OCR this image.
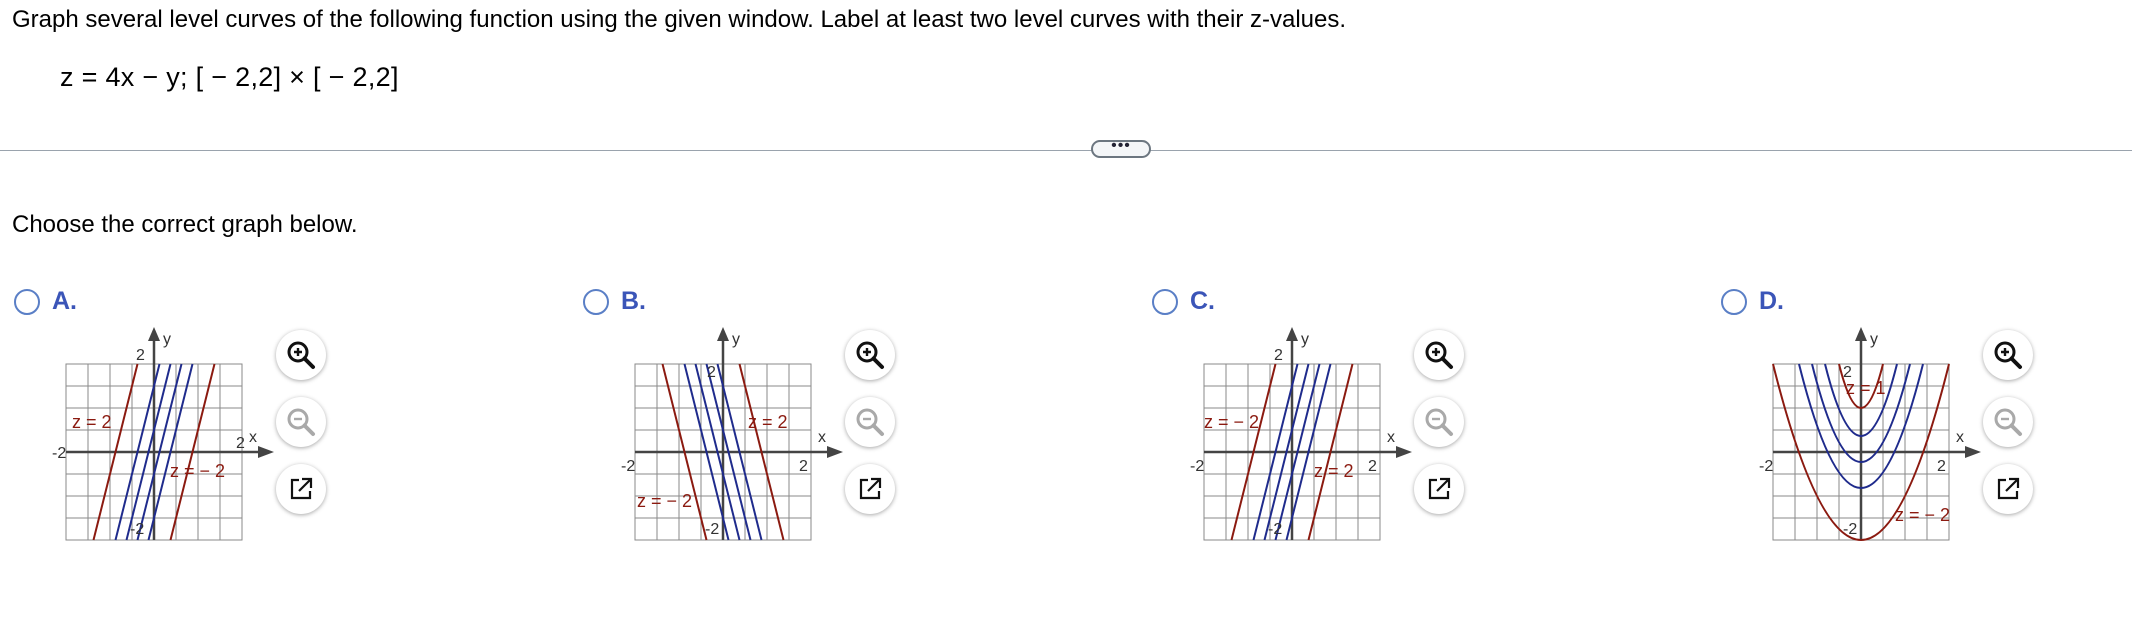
Graph several level curves of the following function using the given window. Label at least two level curves with their z-values.
z = 4x − y; [ − 2,2] × [ − 2,2]
•••
Choose the correct graph below.
A.
-2
2
2
-2
y
x
z = 2
z = − 2
B.
-2	2
2
-2
y
x
z = 2
z = − 2
C.
-2	2
2
-2
y
x
z = − 2
z = 2
D.
-2	2
2
-2
y
x
z = 1
z = − 2
